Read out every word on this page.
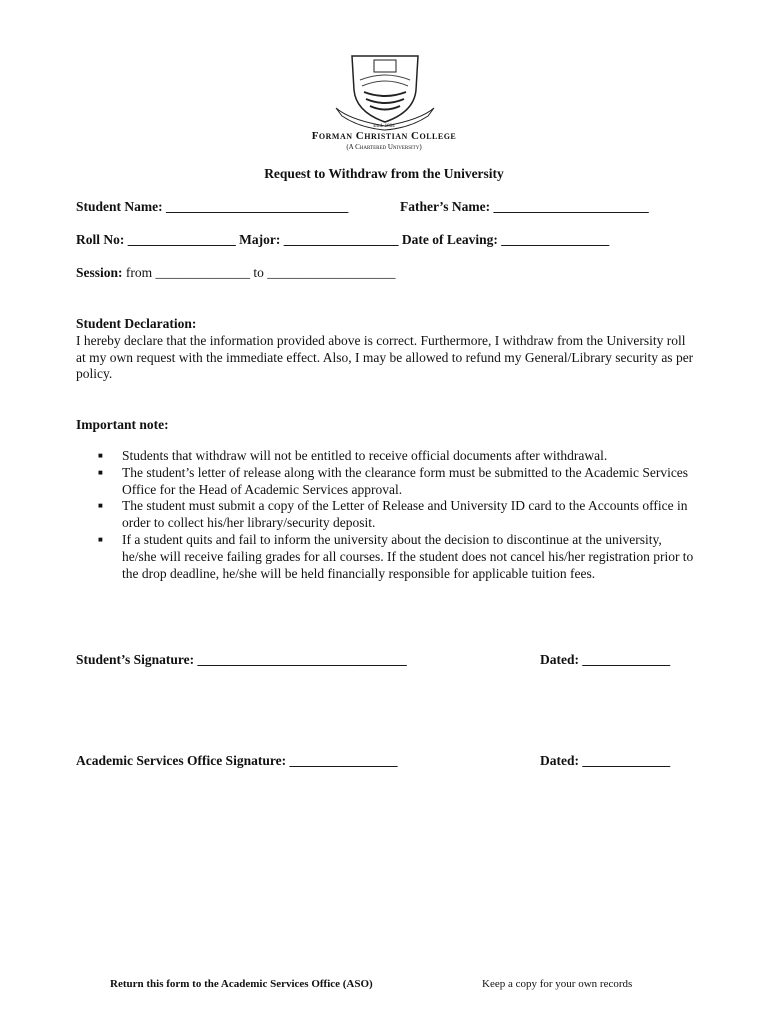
Estd. 1864
Forman Christian College
(A Chartered University)
Request to Withdraw from the University
Student Name: ___________________________	Father’s Name: _______________________
Roll No: ________________ Major: _________________ Date of Leaving: ________________
Session: from ______________ to ___________________
Student Declaration:
I hereby declare that the information provided above is correct. Furthermore, I withdraw from the University roll at my own request with the immediate effect. Also, I may be allowed to refund my General/Library security as per policy.
Important note:
■ Students that withdraw will not be entitled to receive official documents after withdrawal.
■ The student’s letter of release along with the clearance form must be submitted to the Academic Services Office for the Head of Academic Services approval.
■ The student must submit a copy of the Letter of Release and University ID card to the Accounts office in order to collect his/her library/security deposit.
■ If a student quits and fail to inform the university about the decision to discontinue at the university, he/she will receive failing grades for all courses. If the student does not cancel his/her registration prior to the drop deadline, he/she will be held financially responsible for applicable tuition fees.
Student’s Signature: _______________________________	Dated: _____________
Academic Services Office Signature: ________________	Dated: _____________
Return this form to the Academic Services Office (ASO)	Keep a copy for your own records
